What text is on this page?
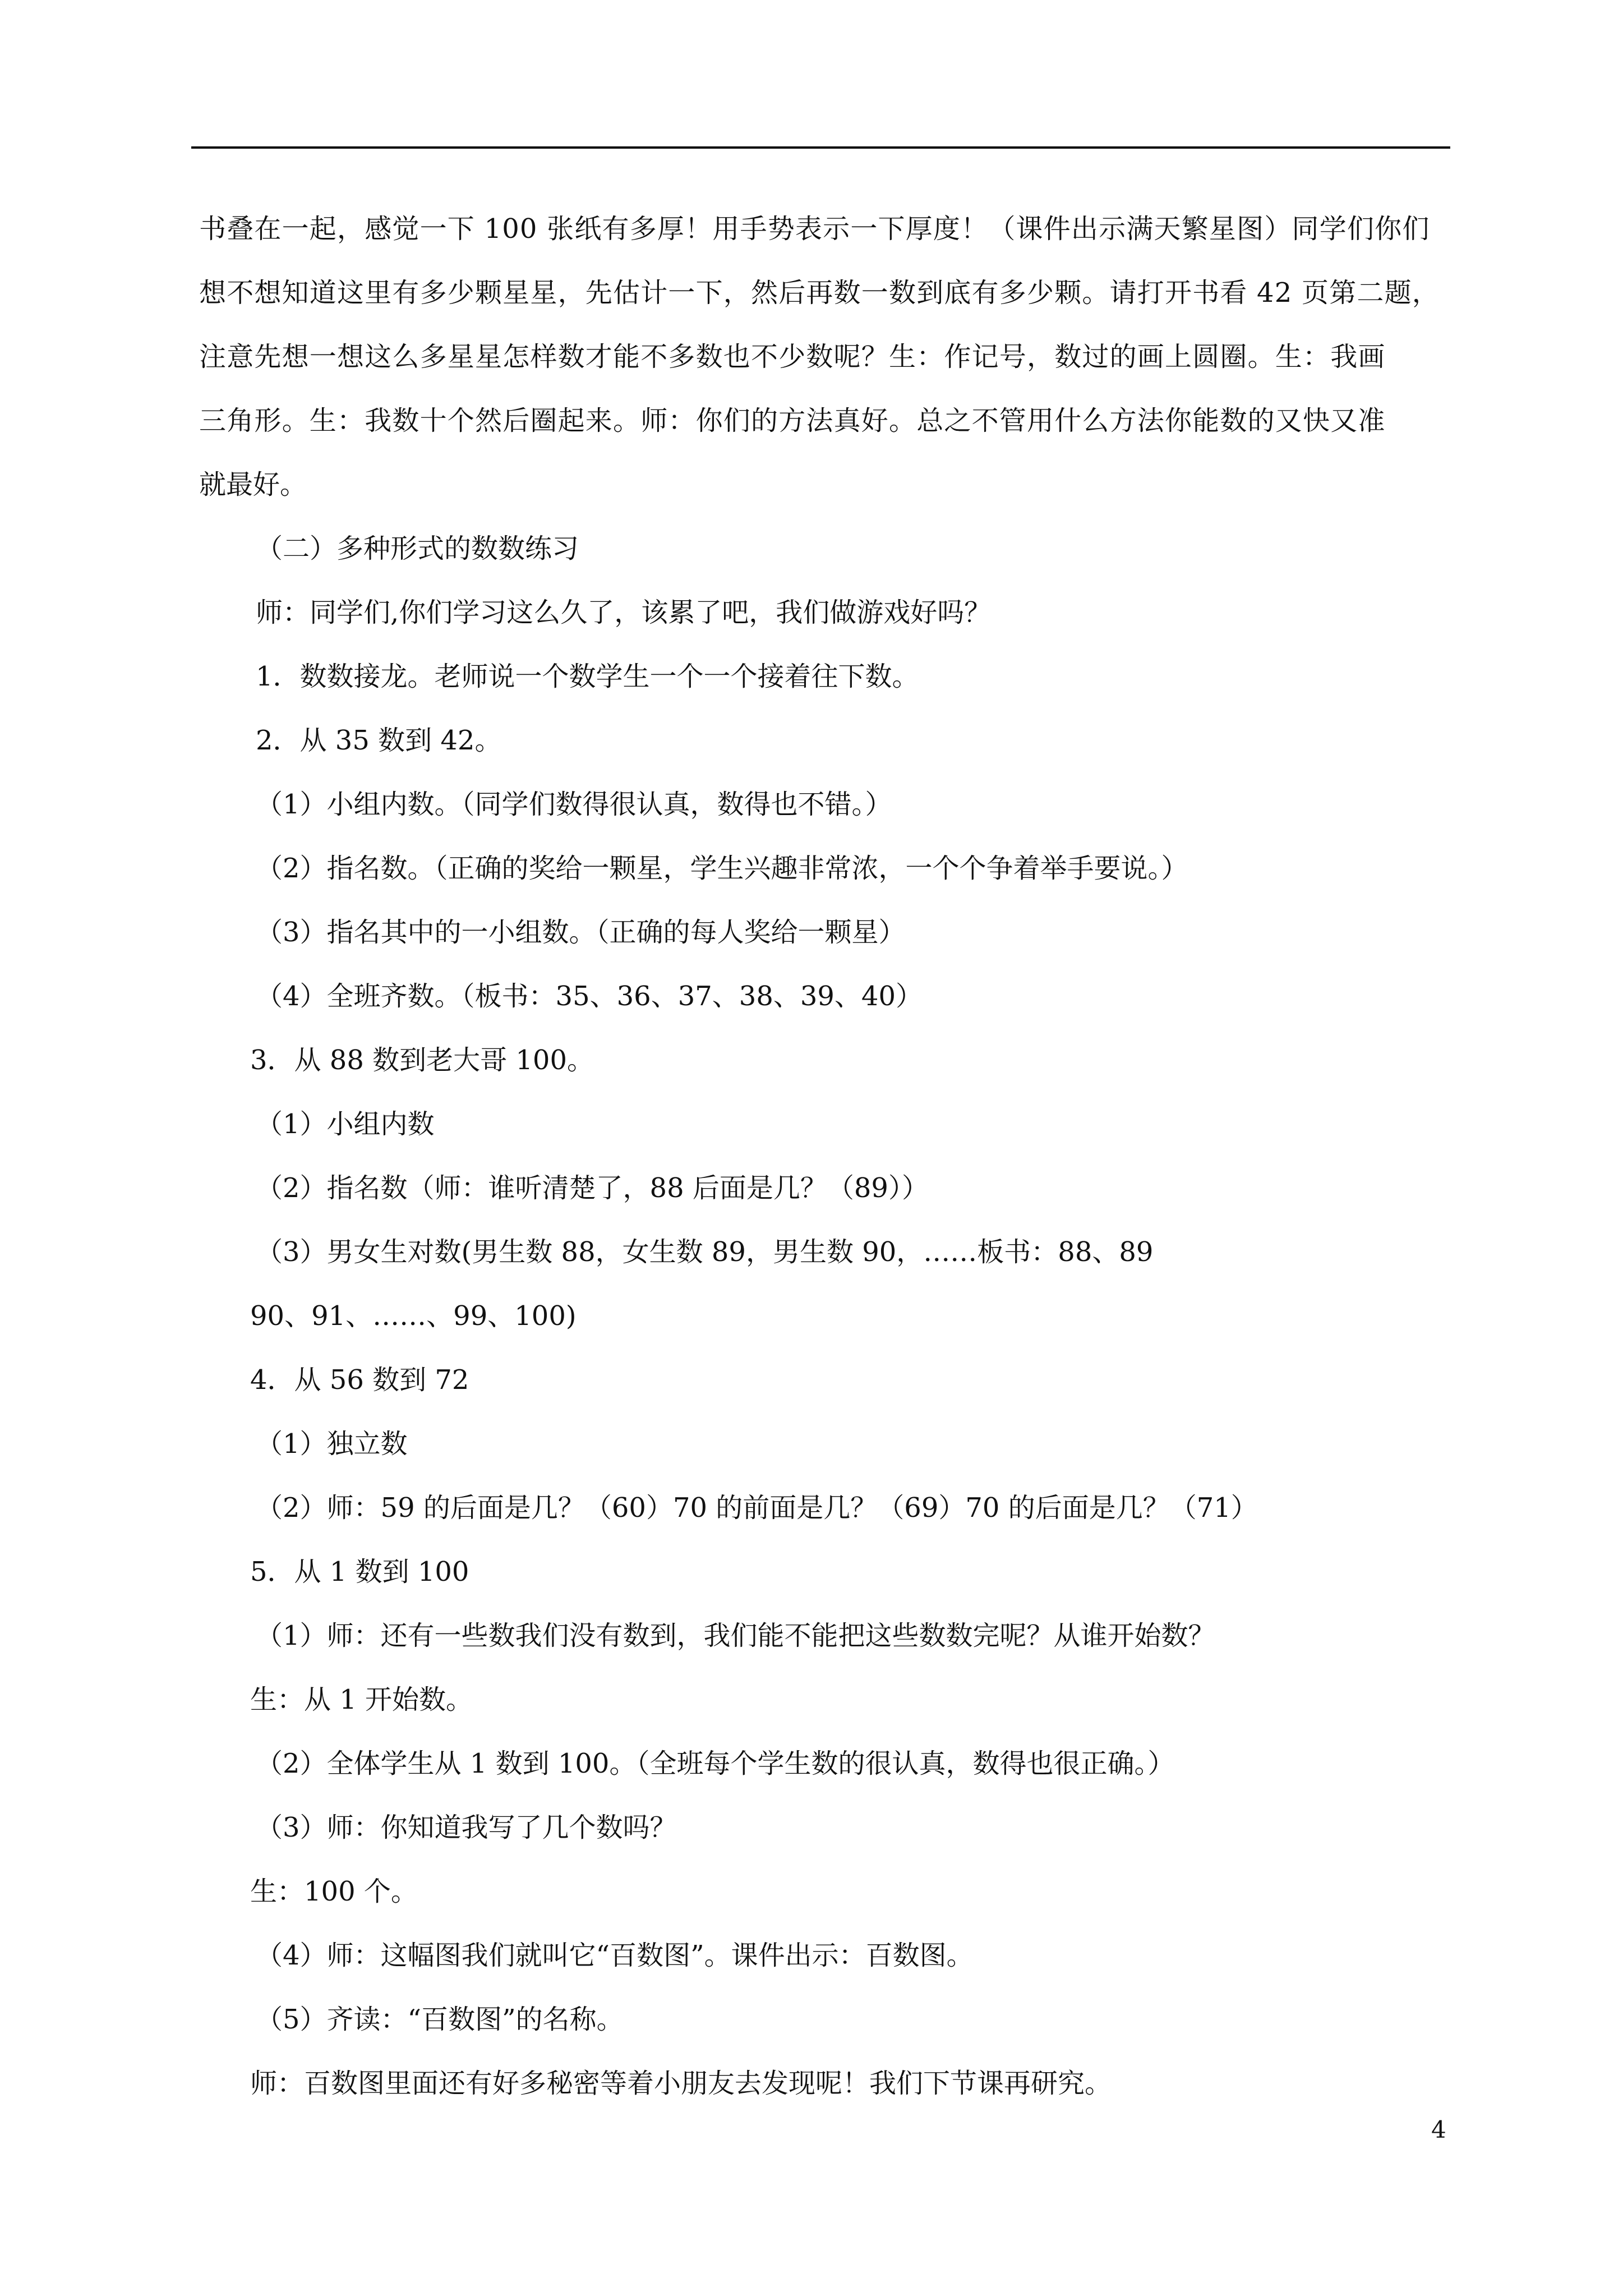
书叠在一起，感觉一下 100 张纸有多厚！用手势表示一下厚度！（课件出示满天繁星图）同学们你们
想不想知道这里有多少颗星星，先估计一下，然后再数一数到底有多少颗。请打开书看 42 页第二题，
注意先想一想这么多星星怎样数才能不多数也不少数呢？生：作记号，数过的画上圆圈。生：我画
三角形。生：我数十个然后圈起来。师：你们的方法真好。总之不管用什么方法你能数的又快又准
就最好。
（二）多种形式的数数练习
师：同学们,你们学习这么久了，该累了吧，我们做游戏好吗？
1．数数接龙。老师说一个数学生一个一个接着往下数。
2．从 35 数到 42。
（1）小组内数。（同学们数得很认真，数得也不错。）
（2）指名数。（正确的奖给一颗星，学生兴趣非常浓，一个个争着举手要说。）
（3）指名其中的一小组数。（正确的每人奖给一颗星）
（4）全班齐数。（板书：35、36、37、38、39、40）
3．从 88 数到老大哥 100。
（1）小组内数
（2）指名数（师：谁听清楚了，88 后面是几？（89））
（3）男女生对数(男生数 88，女生数 89，男生数 90，……板书：88、89
90、91、……、99、100)
4．从 56 数到 72
（1）独立数
（2）师：59 的后面是几？（60）70 的前面是几？（69）70 的后面是几？（71）
5．从 1 数到 100
（1）师：还有一些数我们没有数到，我们能不能把这些数数完呢？从谁开始数？
生：从 1 开始数。
（2）全体学生从 1 数到 100。（全班每个学生数的很认真，数得也很正确。）
（3）师：你知道我写了几个数吗？
生：100 个。
（4）师：这幅图我们就叫它“百数图”。课件出示：百数图。
（5）齐读：“百数图”的名称。
师：百数图里面还有好多秘密等着小朋友去发现呢！我们下节课再研究。
4
